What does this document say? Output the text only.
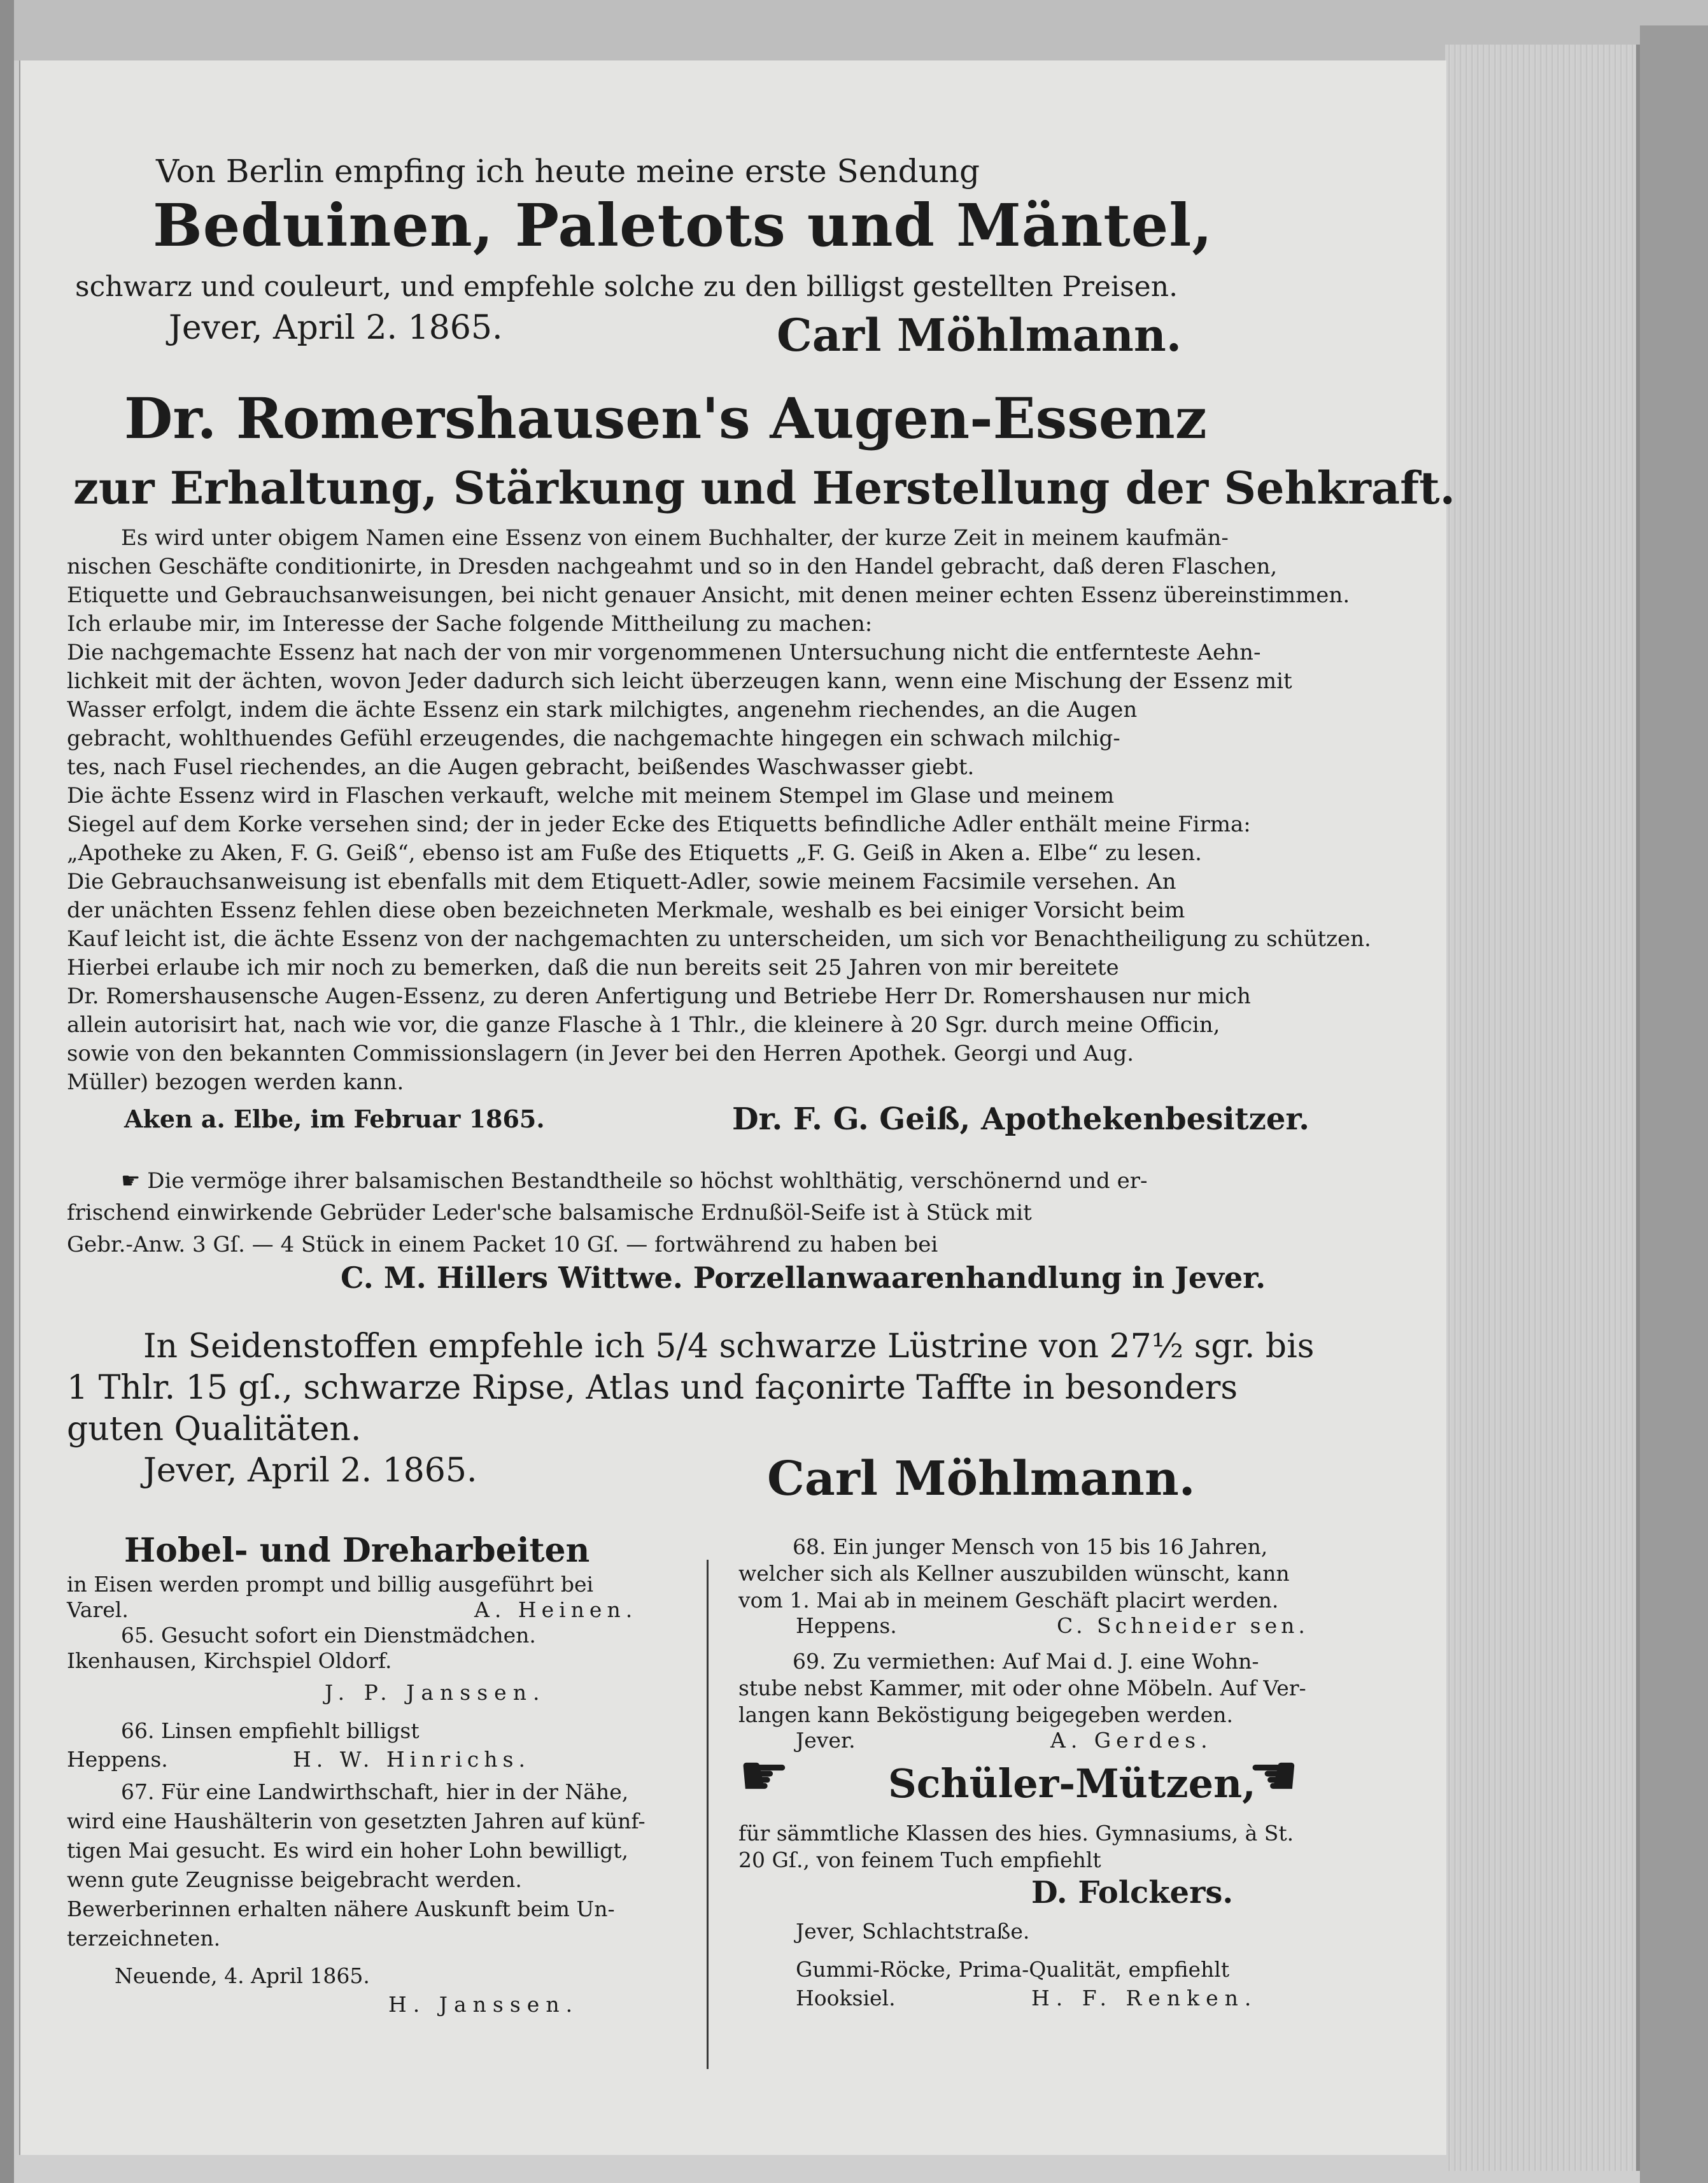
Von Berlin empfing ich heute meine erste Sendung
Beduinen, Paletots und Mäntel,
schwarz und couleurt, und empfehle solche zu den billigst gestellten Preisen.
Jever, April 2. 1865.	Carl Möhlmann.
Dr. Romershausen's Augen-Essenz
zur Erhaltung, Stärkung und Herstellung der Sehkraft.
Es wird unter obigem Namen eine Essenz von einem Buchhalter, der kurze Zeit in meinem kaufmän-
nischen Geschäfte conditionirte, in Dresden nachgeahmt und so in den Handel gebracht, daß deren Flaschen,
Etiquette und Gebrauchsanweisungen, bei nicht genauer Ansicht, mit denen meiner echten Essenz übereinstimmen.
Ich erlaube mir, im Interesse der Sache folgende Mittheilung zu machen:
Die nachgemachte Essenz hat nach der von mir vorgenommenen Untersuchung nicht die entfernteste Aehn-
lichkeit mit der ächten, wovon Jeder dadurch sich leicht überzeugen kann, wenn eine Mischung der Essenz mit
Wasser erfolgt, indem die ächte Essenz ein stark milchigtes, angenehm riechendes, an die Augen
gebracht, wohlthuendes Gefühl erzeugendes, die nachgemachte hingegen ein schwach milchig-
tes, nach Fusel riechendes, an die Augen gebracht, beißendes Waschwasser giebt.
Die ächte Essenz wird in Flaschen verkauft, welche mit meinem Stempel im Glase und meinem
Siegel auf dem Korke versehen sind; der in jeder Ecke des Etiquetts befindliche Adler enthält meine Firma:
„Apotheke zu Aken, F. G. Geiß“, ebenso ist am Fuße des Etiquetts „F. G. Geiß in Aken a. Elbe“ zu lesen.
Die Gebrauchsanweisung ist ebenfalls mit dem Etiquett-Adler, sowie meinem Facsimile versehen. An
der unächten Essenz fehlen diese oben bezeichneten Merkmale, weshalb es bei einiger Vorsicht beim
Kauf leicht ist, die ächte Essenz von der nachgemachten zu unterscheiden, um sich vor Benachtheiligung zu schützen.
Hierbei erlaube ich mir noch zu bemerken, daß die nun bereits seit 25 Jahren von mir bereitete
Dr. Romershausensche Augen-Essenz, zu deren Anfertigung und Betriebe Herr Dr. Romershausen nur mich
allein autorisirt hat, nach wie vor, die ganze Flasche à 1 Thlr., die kleinere à 20 Sgr. durch meine Officin,
sowie von den bekannten Commissionslagern (in Jever bei den Herren Apothek. Georgi und Aug.
Müller) bezogen werden kann.
Aken a. Elbe, im Februar 1865.	Dr. F. G. Geiß, Apothekenbesitzer.
☛ Die vermöge ihrer balsamischen Bestandtheile so höchst wohlthätig, verschönernd und er-
frischend einwirkende Gebrüder Leder'sche balsamische Erdnußöl-Seife ist à Stück mit
Gebr.-Anw. 3 Gſ. — 4 Stück in einem Packet 10 Gſ. — fortwährend zu haben bei
C. M. Hillers Wittwe. Porzellanwaarenhandlung in Jever.
In Seidenstoffen empfehle ich 5/4 schwarze Lüstrine von 27½ sgr. bis
1 Thlr. 15 gſ., schwarze Ripse, Atlas und façonirte Taffte in besonders
guten Qualitäten.
Jever, April 2. 1865.	Carl Möhlmann.
Hobel- und Dreharbeiten
in Eisen werden prompt und billig ausgeführt bei
Varel.	A. Heinen.
65. Gesucht sofort ein Dienstmädchen.
Ikenhausen, Kirchspiel Oldorf.
J. P. Janssen.
66. Linsen empfiehlt billigst
Heppens.	H. W. Hinrichs.
67. Für eine Landwirthschaft, hier in der Nähe,
wird eine Haushälterin von gesetzten Jahren auf künf-
tigen Mai gesucht. Es wird ein hoher Lohn bewilligt,
wenn gute Zeugnisse beigebracht werden.
Bewerberinnen erhalten nähere Auskunft beim Un-
terzeichneten.
Neuende, 4. April 1865.
H. Janssen.
68. Ein junger Mensch von 15 bis 16 Jahren,
welcher sich als Kellner auszubilden wünscht, kann
vom 1. Mai ab in meinem Geschäft placirt werden.
Heppens.	C. Schneider sen.
69. Zu vermiethen: Auf Mai d. J. eine Wohn-
stube nebst Kammer, mit oder ohne Möbeln. Auf Ver-
langen kann Beköstigung beigegeben werden.
Jever.	A. Gerdes.
☛ Schüler-Mützen,
☚
für sämmtliche Klassen des hies. Gymnasiums, à St.
20 Gſ., von feinem Tuch empfiehlt
D. Folckers.
Jever, Schlachtstraße.
Gummi-Röcke, Prima-Qualität, empfiehlt
Hooksiel.	H. F. Renken.
